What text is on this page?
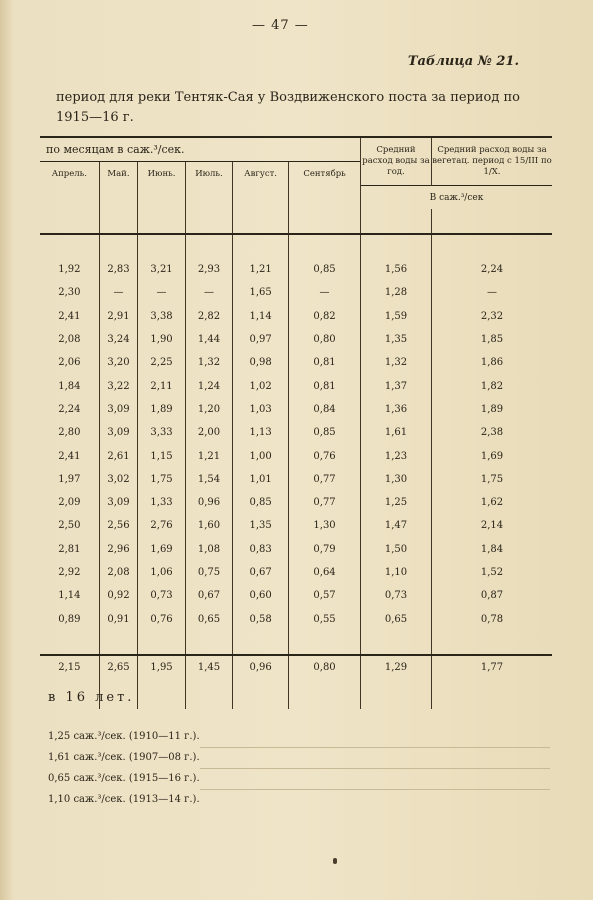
— 47 —
Таблица № 21.
период для реки Тентяк-Сая у Воздвиженского поста за период по 1915—16 г.
по месяцам в саж.³/сек.						Средний расход воды за год.	Средний расход воды за вегетац. период с 15/III по 1/X.
Апрель.	Май.	Июнь.	Июль.	Август.	Сентябрь		
						В саж.³/сек	

1,92	2,83	3,21	2,93	1,21	0,85	1,56	2,24
2,30	—	—	—	1,65	—	1,28	—
2,41	2,91	3,38	2,82	1,14	0,82	1,59	2,32
2,08	3,24	1,90	1,44	0,97	0,80	1,35	1,85
2,06	3,20	2,25	1,32	0,98	0,81	1,32	1,86
1,84	3,22	2,11	1,24	1,02	0,81	1,37	1,82
2,24	3,09	1,89	1,20	1,03	0,84	1,36	1,89
2,80	3,09	3,33	2,00	1,13	0,85	1,61	2,38
2,41	2,61	1,15	1,21	1,00	0,76	1,23	1,69
1,97	3,02	1,75	1,54	1,01	0,77	1,30	1,75
2,09	3,09	1,33	0,96	0,85	0,77	1,25	1,62
2,50	2,56	2,76	1,60	1,35	1,30	1,47	2,14
2,81	2,96	1,69	1,08	0,83	0,79	1,50	1,84
2,92	2,08	1,06	0,75	0,67	0,64	1,10	1,52
1,14	0,92	0,73	0,67	0,60	0,57	0,73	0,87
0,89	0,91	0,76	0,65	0,58	0,55	0,65	0,78

2,15	2,65	1,95	1,45	0,96	0,80	1,29	1,77

в 16 лет.
1,25 саж.³/сек. (1910—11 г.).
1,61 саж.³/сек. (1907—08 г.).
0,65 саж.³/сек. (1915—16 г.).
1,10 саж.³/сек. (1913—14 г.).
